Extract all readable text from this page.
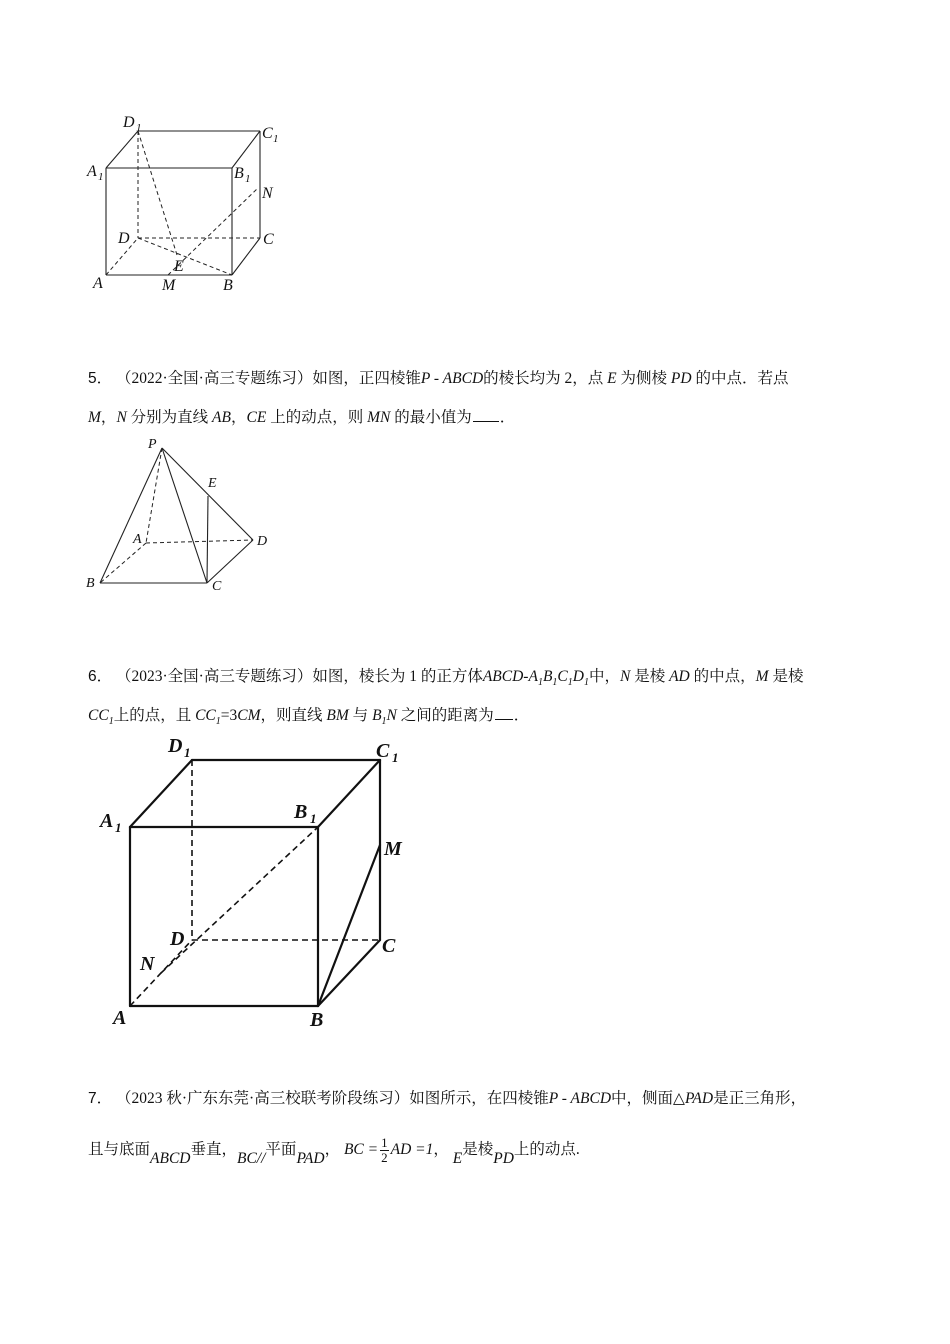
D 1	C 1
A 1	B 1
N
D	C
A
E
M	B
5． （2022·全国·高三专题练习）如图，正四棱锥P - ABCD的棱长均为 2，点 E 为侧棱 PD 的中点．若点
M，N 分别为直线 AB，CE 上的动点，则 MN 的最小值为 ．
P
E
A	D
B	C
6． （2023·全国·高三专题练习）如图，棱长为 1 的正方体ABCD-$A_1B_1C_1D_1$中，N 是棱 AD 的中点，M 是棱
$CC_1$上的点，且 $CC_1=3CM$，则直线 BM 与 $B_1N$ 之间的距离为 ．
D 1	C 1
A 1
B 1
M
D	C
N
A	B
7． （2023 秋·广东东莞·高三校联考阶段练习）如图所示，在四棱锥P - ABCD中，侧面△PAD是正三角形，
且与底面ABCD垂直，BC//平面PAD， BC = $\frac{1}{2}$ AD =1， E是棱PD上的动点.
